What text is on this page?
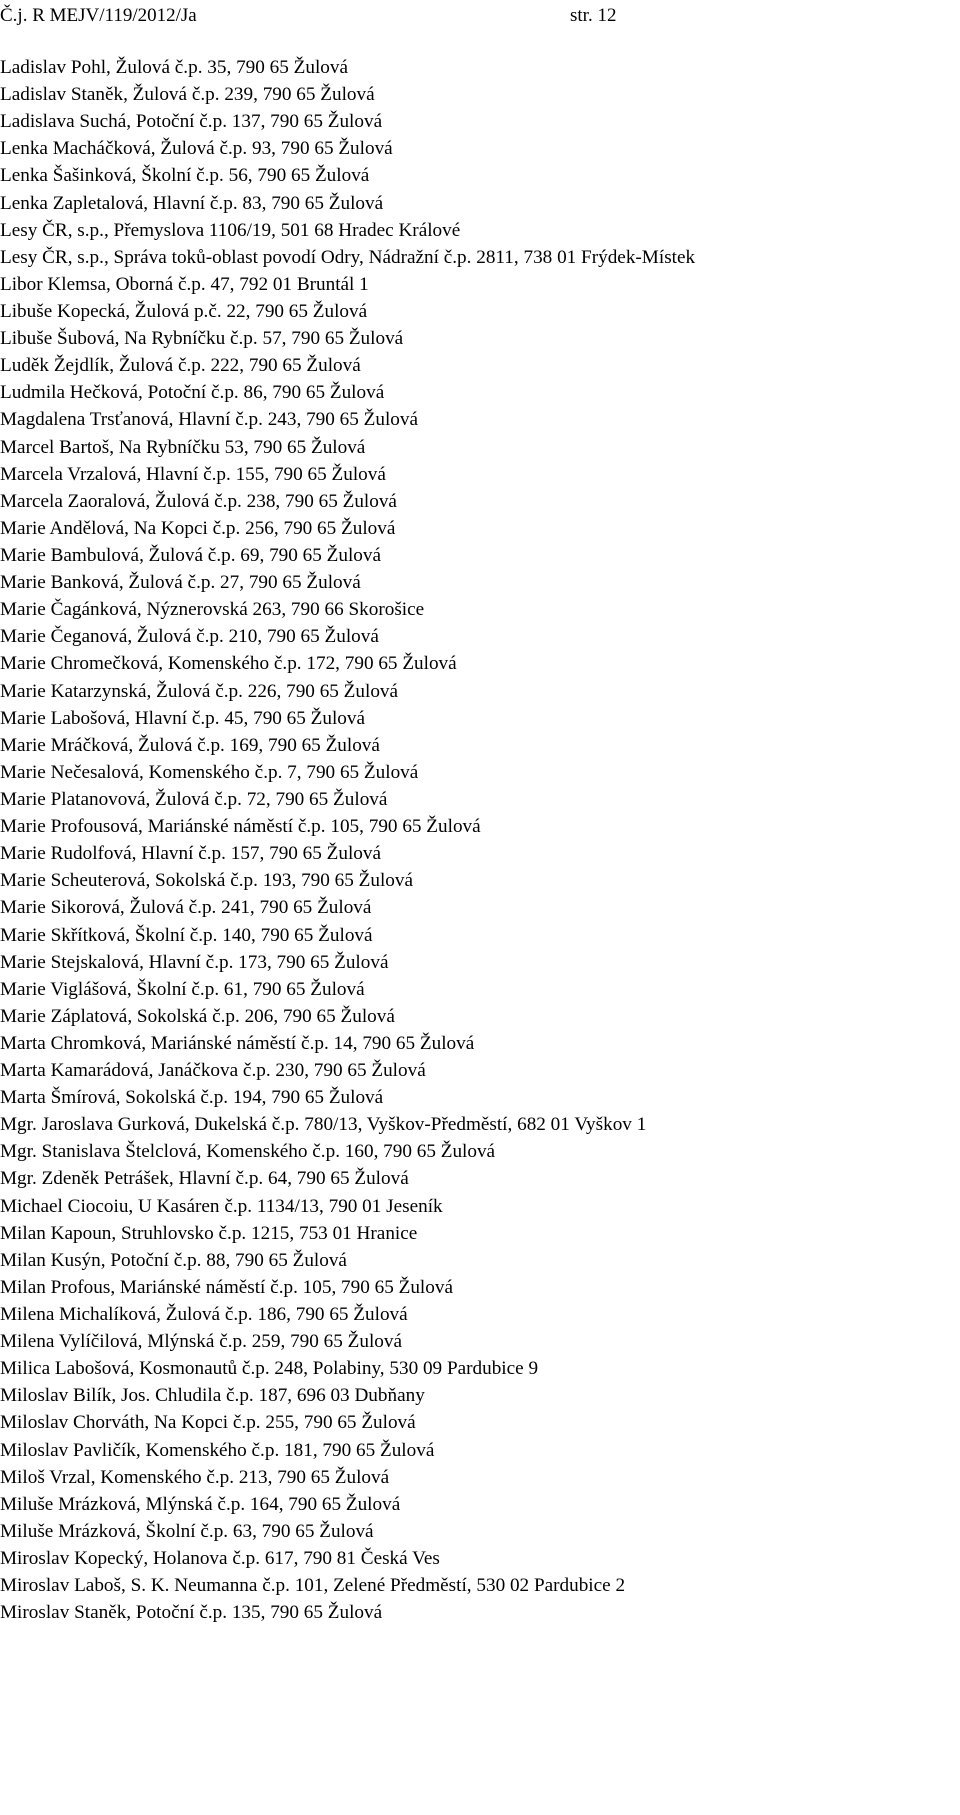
Č.j. R MEJV/119/2012/Ja	str. 12
Ladislav Pohl, Žulová č.p. 35, 790 65 Žulová
Ladislav Staněk, Žulová č.p. 239, 790 65 Žulová
Ladislava Suchá, Potoční č.p. 137, 790 65 Žulová
Lenka Macháčková, Žulová č.p. 93, 790 65 Žulová
Lenka Šašinková, Školní č.p. 56, 790 65 Žulová
Lenka Zapletalová, Hlavní č.p. 83, 790 65 Žulová
Lesy ČR, s.p., Přemyslova 1106/19, 501 68 Hradec Králové
Lesy ČR, s.p., Správa toků-oblast povodí Odry, Nádražní č.p. 2811, 738 01 Frýdek-Místek
Libor Klemsa, Oborná č.p. 47, 792 01 Bruntál 1
Libuše Kopecká, Žulová p.č. 22, 790 65 Žulová
Libuše Šubová, Na Rybníčku č.p. 57, 790 65 Žulová
Luděk Žejdlík, Žulová č.p. 222, 790 65 Žulová
Ludmila Hečková, Potoční č.p. 86, 790 65 Žulová
Magdalena Trsťanová, Hlavní č.p. 243, 790 65 Žulová
Marcel Bartoš, Na Rybníčku 53, 790 65 Žulová
Marcela Vrzalová, Hlavní č.p. 155, 790 65 Žulová
Marcela Zaoralová, Žulová č.p. 238, 790 65 Žulová
Marie Andělová, Na Kopci č.p. 256, 790 65 Žulová
Marie Bambulová, Žulová č.p. 69, 790 65 Žulová
Marie Banková, Žulová č.p. 27, 790 65 Žulová
Marie Čagánková, Nýznerovská 263, 790 66 Skorošice
Marie Čeganová, Žulová č.p. 210, 790 65 Žulová
Marie Chromečková, Komenského č.p. 172, 790 65 Žulová
Marie Katarzynská, Žulová č.p. 226, 790 65 Žulová
Marie Labošová, Hlavní č.p. 45, 790 65 Žulová
Marie Mráčková, Žulová č.p. 169, 790 65 Žulová
Marie Nečesalová, Komenského č.p. 7, 790 65 Žulová
Marie Platanovová, Žulová č.p. 72, 790 65 Žulová
Marie Profousová, Mariánské náměstí č.p. 105, 790 65 Žulová
Marie Rudolfová, Hlavní č.p. 157, 790 65 Žulová
Marie Scheuterová, Sokolská č.p. 193, 790 65 Žulová
Marie Sikorová, Žulová č.p. 241, 790 65 Žulová
Marie Skřítková, Školní č.p. 140, 790 65 Žulová
Marie Stejskalová, Hlavní č.p. 173, 790 65 Žulová
Marie Viglášová, Školní č.p. 61, 790 65 Žulová
Marie Záplatová, Sokolská č.p. 206, 790 65 Žulová
Marta Chromková, Mariánské náměstí č.p. 14, 790 65 Žulová
Marta Kamarádová, Janáčkova č.p. 230, 790 65 Žulová
Marta Šmírová, Sokolská č.p. 194, 790 65 Žulová
Mgr. Jaroslava Gurková, Dukelská č.p. 780/13, Vyškov-Předměstí, 682 01 Vyškov 1
Mgr. Stanislava Štelclová, Komenského č.p. 160, 790 65 Žulová
Mgr. Zdeněk Petrášek, Hlavní č.p. 64, 790 65 Žulová
Michael Ciocoiu, U Kasáren č.p. 1134/13, 790 01 Jeseník
Milan Kapoun, Struhlovsko č.p. 1215, 753 01 Hranice
Milan Kusýn, Potoční č.p. 88, 790 65 Žulová
Milan Profous, Mariánské náměstí č.p. 105, 790 65 Žulová
Milena Michalíková, Žulová č.p. 186, 790 65 Žulová
Milena Vylíčilová, Mlýnská č.p. 259, 790 65 Žulová
Milica Labošová, Kosmonautů č.p. 248, Polabiny, 530 09 Pardubice 9
Miloslav Bilík, Jos. Chludila č.p. 187, 696 03 Dubňany
Miloslav Chorváth, Na Kopci č.p. 255, 790 65 Žulová
Miloslav Pavličík, Komenského č.p. 181, 790 65 Žulová
Miloš Vrzal, Komenského č.p. 213, 790 65 Žulová
Miluše Mrázková, Mlýnská č.p. 164, 790 65 Žulová
Miluše Mrázková, Školní č.p. 63, 790 65 Žulová
Miroslav Kopecký, Holanova č.p. 617, 790 81 Česká Ves
Miroslav Laboš, S. K. Neumanna č.p. 101, Zelené Předměstí, 530 02 Pardubice 2
Miroslav Staněk, Potoční č.p. 135, 790 65 Žulová
